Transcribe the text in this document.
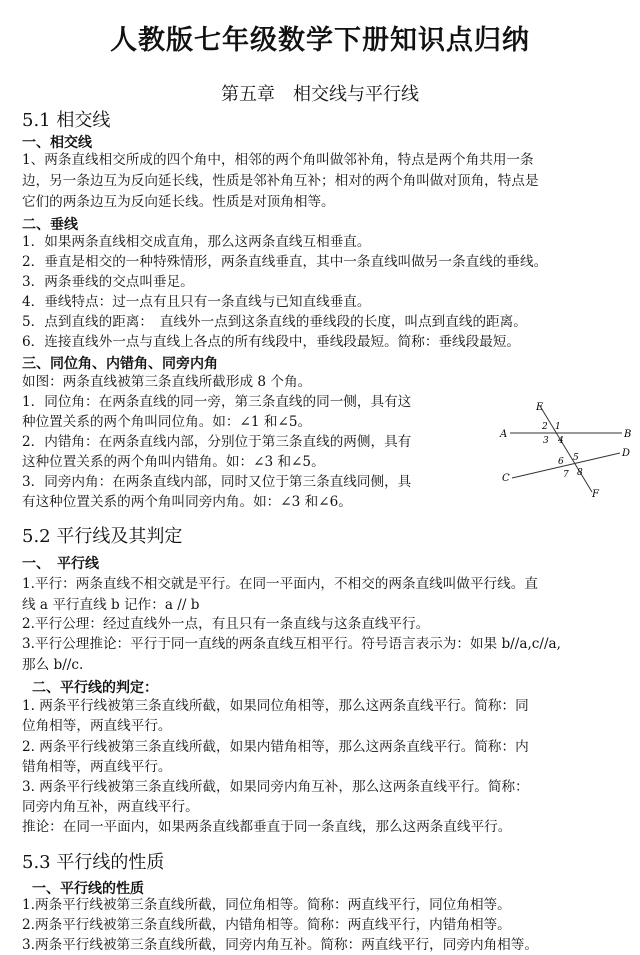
人教版七年级数学下册知识点归纳
第五章　相交线与平行线
5.1 相交线
一、相交线
1、两条直线相交所成的四个角中，相邻的两个角叫做邻补角，特点是两个角共用一条
边，另一条边互为反向延长线，性质是邻补角互补；相对的两个角叫做对顶角，特点是
它们的两条边互为反向延长线。性质是对顶角相等。
二、垂线
1．如果两条直线相交成直角，那么这两条直线互相垂直。
2．垂直是相交的一种特殊情形，两条直线垂直，其中一条直线叫做另一条直线的垂线。
3．两条垂线的交点叫垂足。
4．垂线特点：过一点有且只有一条直线与已知直线垂直。
5．点到直线的距离：　直线外一点到这条直线的垂线段的长度，叫点到直线的距离。
6．连接直线外一点与直线上各点的所有线段中，垂线段最短。简称：垂线段最短。
三、同位角、内错角、同旁内角
如图：两条直线被第三条直线所截形成 8 个角。
1．同位角：在两条直线的同一旁，第三条直线的同一侧，具有这
种位置关系的两个角叫同位角。如：∠1 和∠5。
2．内错角：在两条直线内部，分别位于第三条直线的两侧，具有
这种位置关系的两个角叫内错角。如：∠3 和∠5。
3．同旁内角：在两条直线内部，同时又位于第三条直线同侧，具
有这种位置关系的两个角叫同旁内角。如：∠3 和∠6。
E
A	B
C
D
F
1
2
3 4
5
6
7 8
5.2 平行线及其判定
一、　平行线
1.平行：两条直线不相交就是平行。在同一平面内，不相交的两条直线叫做平行线。直
线 a 平行直线 b 记作：a // b
2.平行公理：经过直线外一点，有且只有一条直线与这条直线平行。
3.平行公理推论：平行于同一直线的两条直线互相平行。符号语言表示为：如果 b//a,c//a,
那么 b//c.
二、平行线的判定：
1. 两条平行线被第三条直线所截，如果同位角相等，那么这两条直线平行。简称：同
位角相等，两直线平行。
2. 两条平行线被第三条直线所截，如果内错角相等，那么这两条直线平行。简称：内
错角相等，两直线平行。
3. 两条平行线被第三条直线所截，如果同旁内角互补，那么这两条直线平行。简称：
同旁内角互补，两直线平行。
推论：在同一平面内，如果两条直线都垂直于同一条直线，那么这两条直线平行。
5.3 平行线的性质
一、平行线的性质
1.两条平行线被第三条直线所截，同位角相等。简称：两直线平行，同位角相等。
2.两条平行线被第三条直线所截，内错角相等。简称：两直线平行，内错角相等。
3.两条平行线被第三条直线所截，同旁内角互补。简称：两直线平行，同旁内角相等。
